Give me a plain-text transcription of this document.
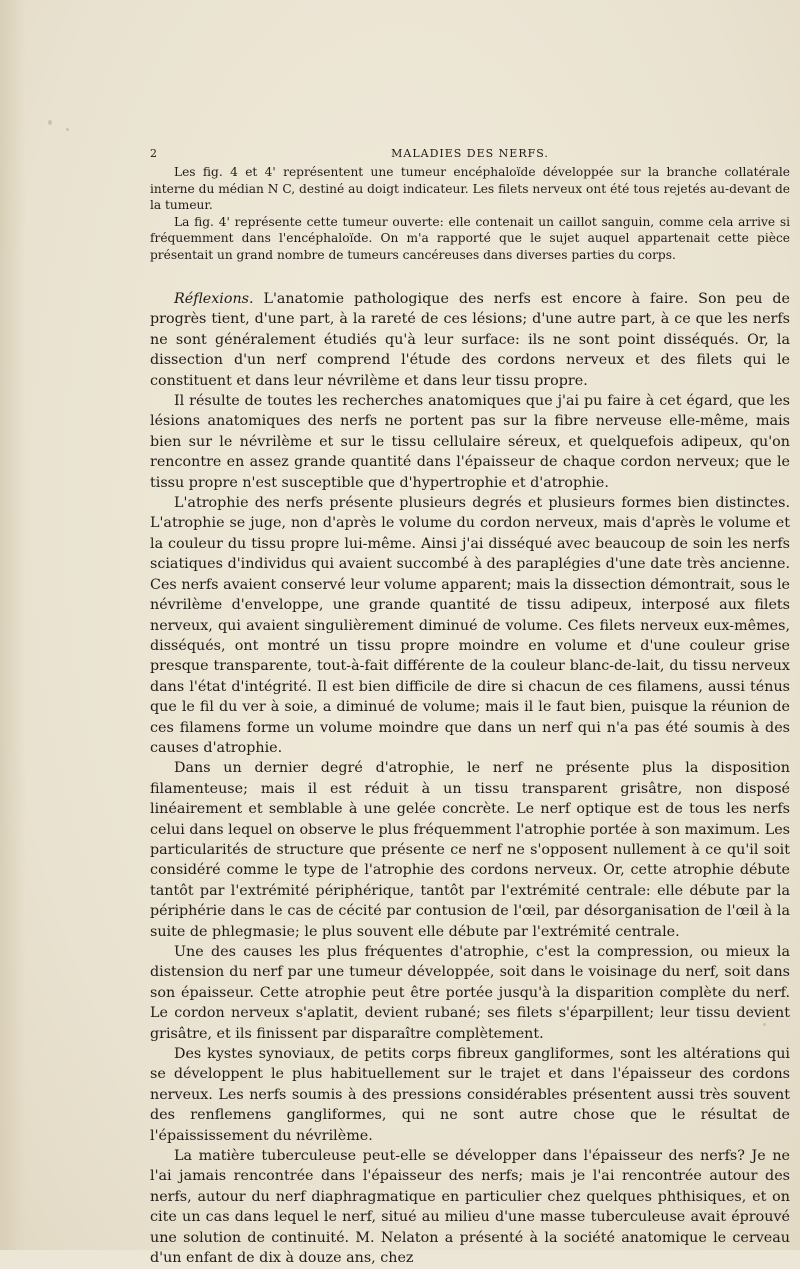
2	MALADIES DES NERFS.

Les fig. 4 et 4' représentent une tumeur encéphaloïde développée sur la branche collatérale interne du médian N C, destiné au doigt indicateur. Les filets nerveux ont été tous rejetés au-devant de la tumeur.

La fig. 4' représente cette tumeur ouverte: elle contenait un caillot sanguin, comme cela arrive si fréquemment dans l'encéphaloïde. On m'a rapporté que le sujet auquel appartenait cette pièce présentait un grand nombre de tumeurs cancéreuses dans diverses parties du corps.

Réflexions. L'anatomie pathologique des nerfs est encore à faire. Son peu de progrès tient, d'une part, à la rareté de ces lésions; d'une autre part, à ce que les nerfs ne sont généralement étudiés qu'à leur surface: ils ne sont point disséqués. Or, la dissection d'un nerf comprend l'étude des cordons nerveux et des filets qui le constituent et dans leur névrilème et dans leur tissu propre.

Il résulte de toutes les recherches anatomiques que j'ai pu faire à cet égard, que les lésions anatomiques des nerfs ne portent pas sur la fibre nerveuse elle-même, mais bien sur le névrilème et sur le tissu cellulaire séreux, et quelquefois adipeux, qu'on rencontre en assez grande quantité dans l'épaisseur de chaque cordon nerveux; que le tissu propre n'est susceptible que d'hypertrophie et d'atrophie.

L'atrophie des nerfs présente plusieurs degrés et plusieurs formes bien distinctes. L'atrophie se juge, non d'après le volume du cordon nerveux, mais d'après le volume et la couleur du tissu propre lui-même. Ainsi j'ai disséqué avec beaucoup de soin les nerfs sciatiques d'individus qui avaient succombé à des paraplégies d'une date très ancienne. Ces nerfs avaient conservé leur volume apparent; mais la dissection démontrait, sous le névrilème d'enveloppe, une grande quantité de tissu adipeux, interposé aux filets nerveux, qui avaient singulièrement diminué de volume. Ces filets nerveux eux-mêmes, disséqués, ont montré un tissu propre moindre en volume et d'une couleur grise presque transparente, tout-à-fait différente de la couleur blanc-de-lait, du tissu nerveux dans l'état d'intégrité. Il est bien difficile de dire si chacun de ces filamens, aussi ténus que le fil du ver à soie, a diminué de volume; mais il le faut bien, puisque la réunion de ces filamens forme un volume moindre que dans un nerf qui n'a pas été soumis à des causes d'atrophie.

Dans un dernier degré d'atrophie, le nerf ne présente plus la disposition filamenteuse; mais il est réduit à un tissu transparent grisâtre, non disposé linéairement et semblable à une gelée concrète. Le nerf optique est de tous les nerfs celui dans lequel on observe le plus fréquemment l'atrophie portée à son maximum. Les particularités de structure que présente ce nerf ne s'opposent nullement à ce qu'il soit considéré comme le type de l'atrophie des cordons nerveux. Or, cette atrophie débute tantôt par l'extrémité périphérique, tantôt par l'extrémité centrale: elle débute par la périphérie dans le cas de cécité par contusion de l'œil, par désorganisation de l'œil à la suite de phlegmasie; le plus souvent elle débute par l'extrémité centrale.

Une des causes les plus fréquentes d'atrophie, c'est la compression, ou mieux la distension du nerf par une tumeur développée, soit dans le voisinage du nerf, soit dans son épaisseur. Cette atrophie peut être portée jusqu'à la disparition complète du nerf. Le cordon nerveux s'aplatit, devient rubané; ses filets s'éparpillent; leur tissu devient grisâtre, et ils finissent par disparaître complètement.

Des kystes synoviaux, de petits corps fibreux gangliformes, sont les altérations qui se développent le plus habituellement sur le trajet et dans l'épaisseur des cordons nerveux. Les nerfs soumis à des pressions considérables présentent aussi très souvent des renflemens gangliformes, qui ne sont autre chose que le résultat de l'épaississement du névrilème.

La matière tuberculeuse peut-elle se développer dans l'épaisseur des nerfs? Je ne l'ai jamais rencontrée dans l'épaisseur des nerfs; mais je l'ai rencontrée autour des nerfs, autour du nerf diaphragmatique en particulier chez quelques phthisiques, et on cite un cas dans lequel le nerf, situé au milieu d'une masse tuberculeuse avait éprouvé une solution de continuité. M. Nelaton a présenté à la société anatomique le cerveau d'un enfant de dix à douze ans, chez
